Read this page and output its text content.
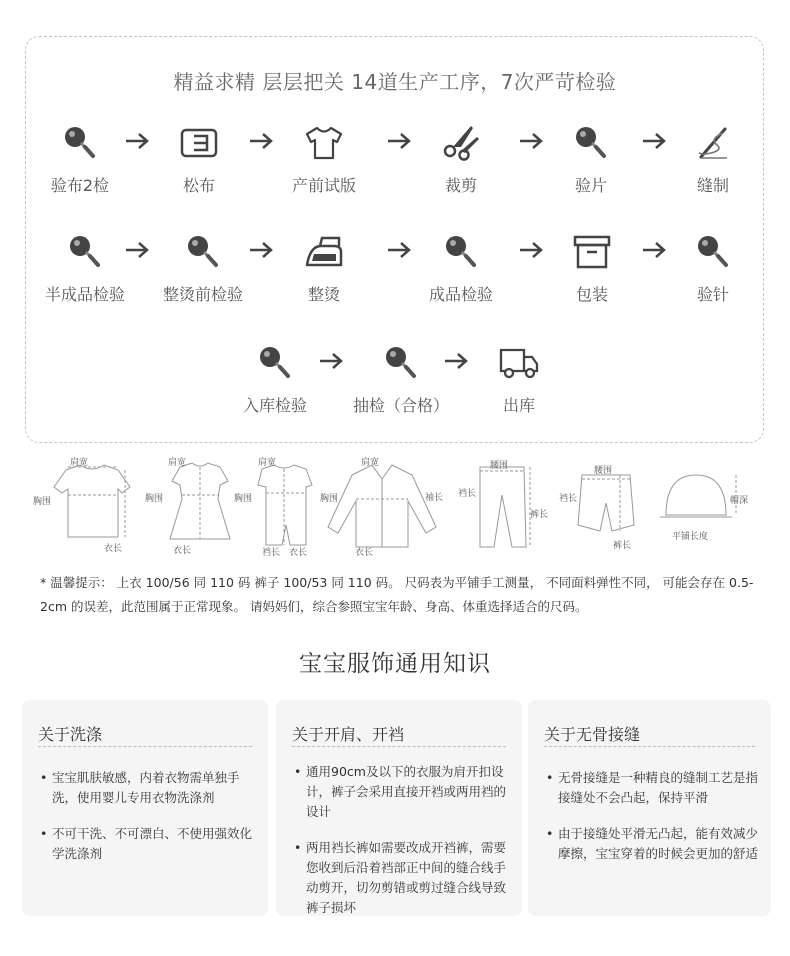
精益求精 层层把关 14道生产工序，7次严苛检验
验布2检	松布	产前试版	裁剪	验片	缝制
半成品检验	整烫前检验	整烫	成品检验	包装	验针
入库检验	抽检（合格）	出库
肩宽
胸围
衣长
肩宽
胸围
衣长
肩宽
胸围
裆长 衣长
肩宽
胸围	袖长
衣长
腰围
裆长
裤长
腰围
裆长
裤长
帽深
平铺长度
* 温馨提示： 上衣 100/56 同 110 码 裤子 100/53 同 110 码。 尺码表为平铺手工测量， 不同面料弹性不同， 可能会存在 0.5-2cm 的误差，此范围属于正常现象。 请妈妈们，综合参照宝宝年龄、身高、体重选择适合的尺码。
宝宝服饰通用知识
关于洗涤
• 宝宝肌肤敏感，内着衣物需单独手洗，使用婴儿专用衣物洗涤剂
• 不可干洗、不可漂白、不使用强效化学洗涤剂
关于开肩、开裆
• 通用90cm及以下的衣服为肩开扣设计，裤子会采用直接开裆或两用裆的设计
• 两用裆长裤如需要改成开裆裤，需要您收到后沿着裆部正中间的缝合线手动剪开，切勿剪错或剪过缝合线导致裤子损坏
关于无骨接缝
• 无骨接缝是一种精良的缝制工艺是指接缝处不会凸起，保持平滑
• 由于接缝处平滑无凸起，能有效减少摩擦，宝宝穿着的时候会更加的舒适
